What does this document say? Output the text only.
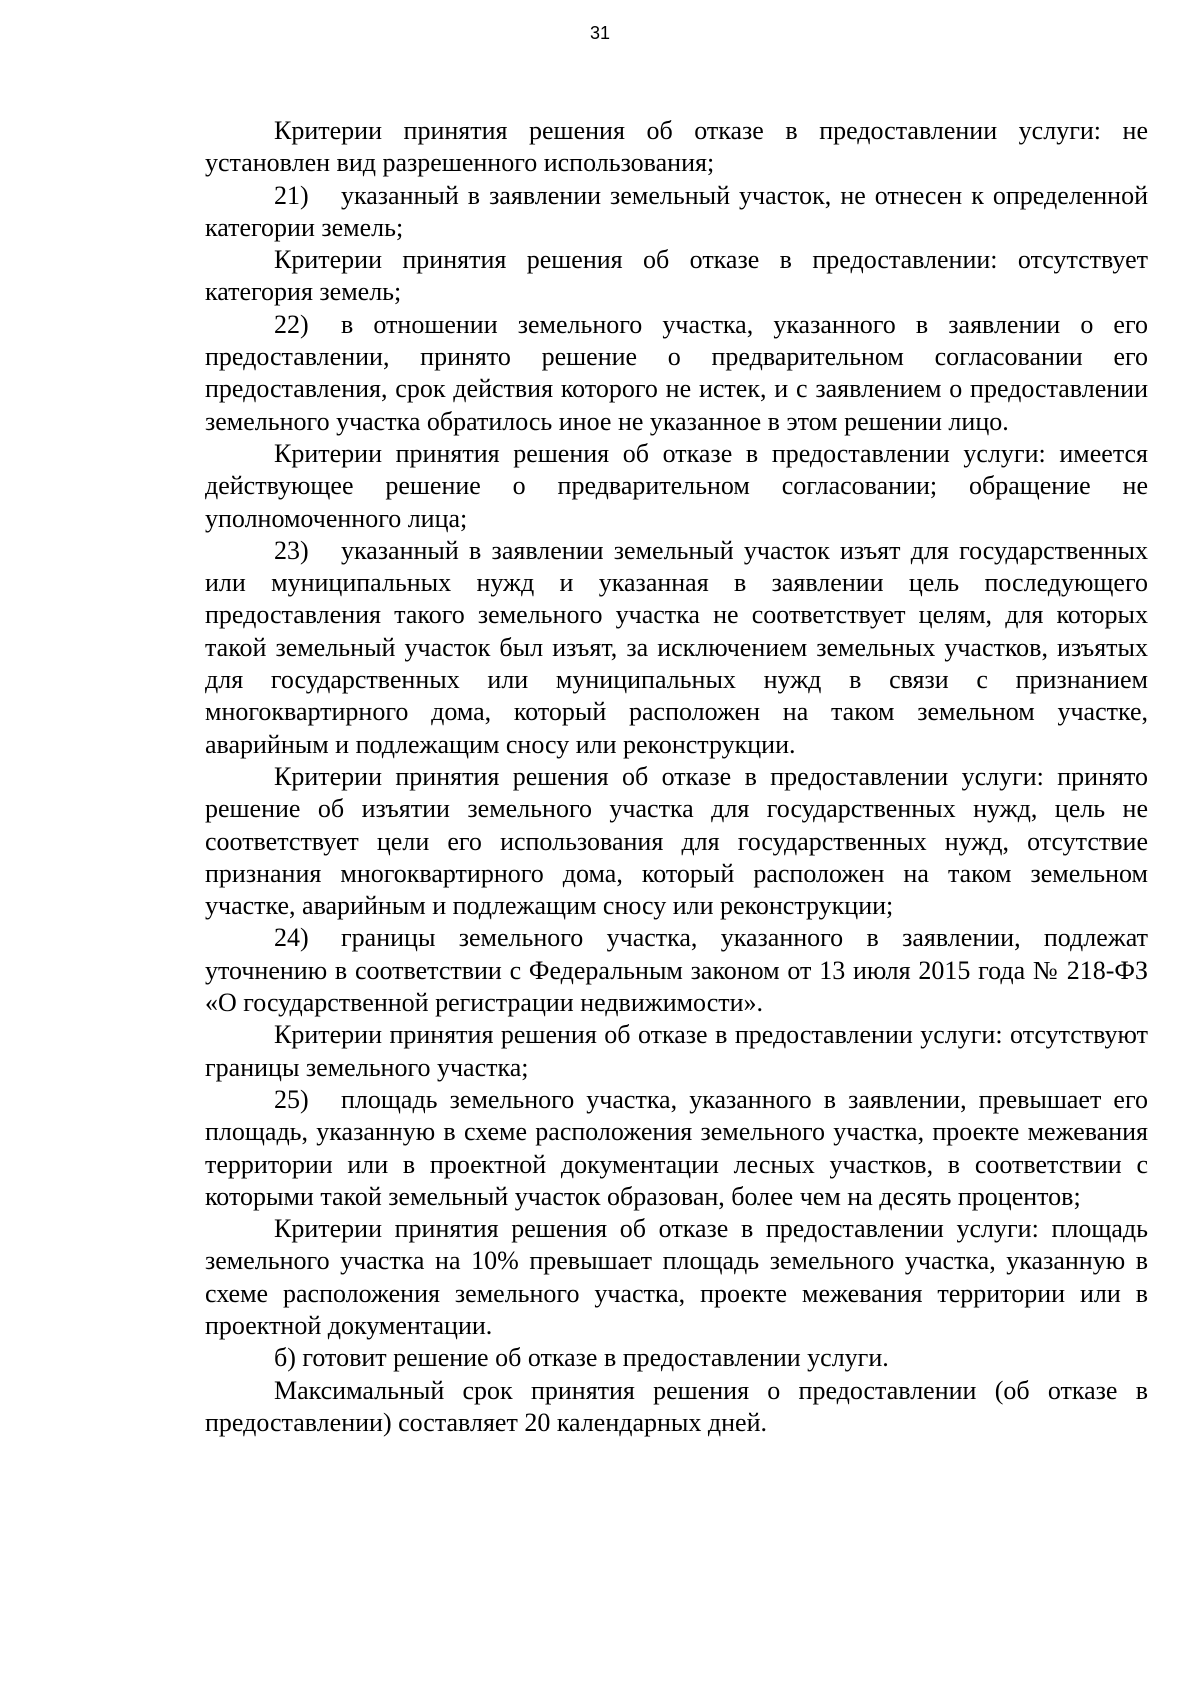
31

Критерии принятия решения об отказе в предоставлении услуги: не установлен вид разрешенного использования;

21) указанный в заявлении земельный участок, не отнесен к определенной категории земель;

Критерии принятия решения об отказе в предоставлении: отсутствует категория земель;

22) в отношении земельного участка, указанного в заявлении о его предоставлении, принято решение о предварительном согласовании его предоставления, срок действия которого не истек, и с заявлением о предоставлении земельного участка обратилось иное не указанное в этом решении лицо.

Критерии принятия решения об отказе в предоставлении услуги: имеется действующее решение о предварительном согласовании; обращение не уполномоченного лица;

23) указанный в заявлении земельный участок изъят для государственных или муниципальных нужд и указанная в заявлении цель последующего предоставления такого земельного участка не соответствует целям, для которых такой земельный участок был изъят, за исключением земельных участков, изъятых для государственных или муниципальных нужд в связи с признанием многоквартирного дома, который расположен на таком земельном участке, аварийным и подлежащим сносу или реконструкции.

Критерии принятия решения об отказе в предоставлении услуги: принято решение об изъятии земельного участка для государственных нужд, цель не соответствует цели его использования для государственных нужд, отсутствие признания многоквартирного дома, который расположен на таком земельном участке, аварийным и подлежащим сносу или реконструкции;

24) границы земельного участка, указанного в заявлении, подлежат уточнению в соответствии с Федеральным законом от 13 июля 2015 года № 218-ФЗ «О государственной регистрации недвижимости».

Критерии принятия решения об отказе в предоставлении услуги: отсутствуют границы земельного участка;

25) площадь земельного участка, указанного в заявлении, превышает его площадь, указанную в схеме расположения земельного участка, проекте межевания территории или в проектной документации лесных участков, в соответствии с которыми такой земельный участок образован, более чем на десять процентов;

Критерии принятия решения об отказе в предоставлении услуги: площадь земельного участка на 10% превышает площадь земельного участка, указанную в схеме расположения земельного участка, проекте межевания территории или в проектной документации.

б) готовит решение об отказе в предоставлении услуги.

Максимальный срок принятия решения о предоставлении (об отказе в предоставлении) составляет 20 календарных дней.
